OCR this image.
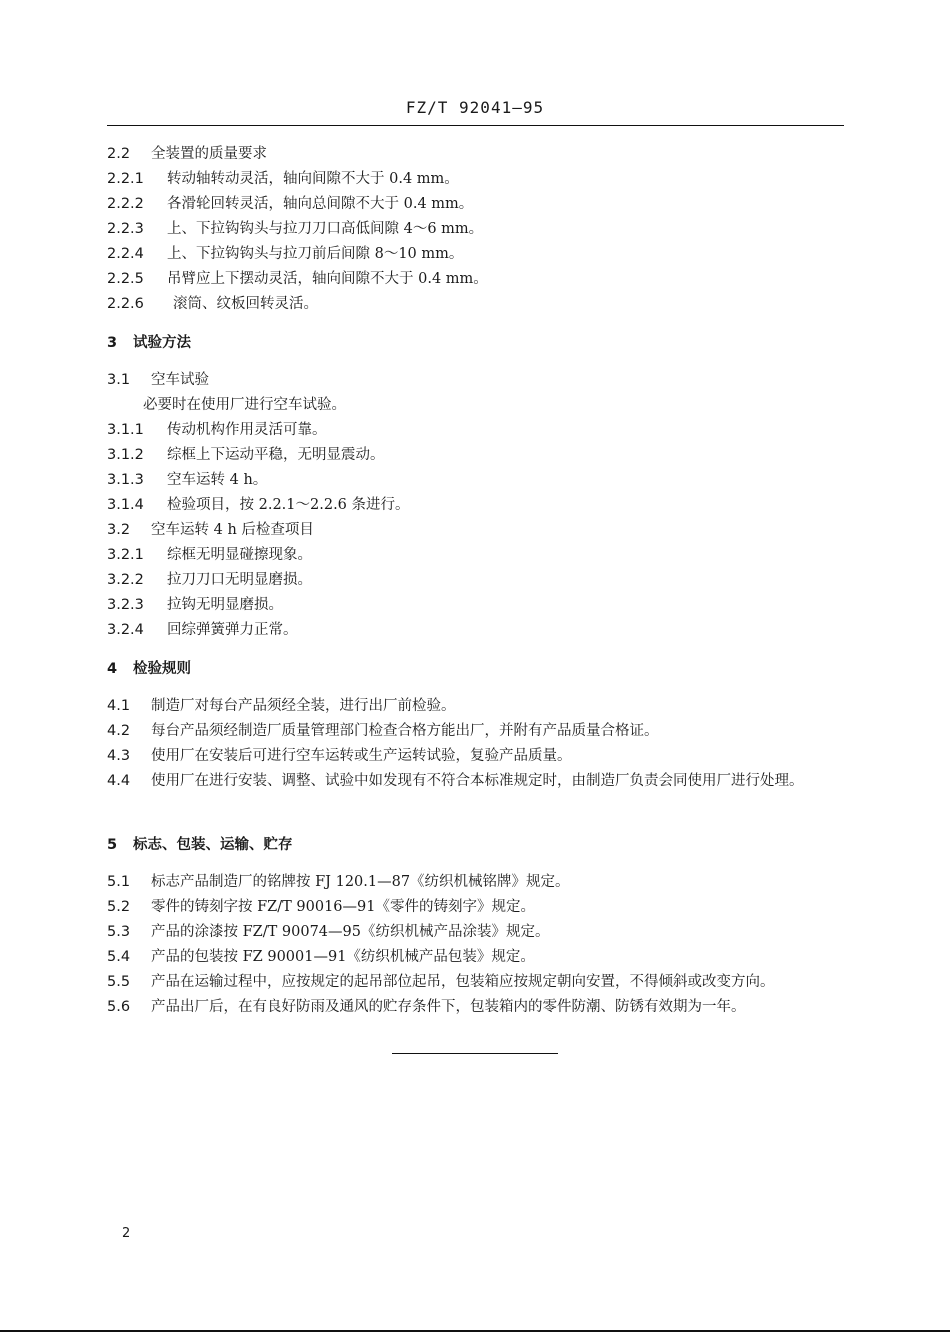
FZ/T 92041—95
2.2 全装置的质量要求
2.2.1 转动轴转动灵活，轴向间隙不大于 0.4 mm。
2.2.2 各滑轮回转灵活，轴向总间隙不大于 0.4 mm。
2.2.3 上、下拉钩钩头与拉刀刀口高低间隙 4～6 mm。
2.2.4 上、下拉钩钩头与拉刀前后间隙 8～10 mm。
2.2.5 吊臂应上下摆动灵活，轴向间隙不大于 0.4 mm。
2.2.6 滚筒、纹板回转灵活。
3 试验方法
3.1 空车试验
必要时在使用厂进行空车试验。
3.1.1 传动机构作用灵活可靠。
3.1.2 综框上下运动平稳，无明显震动。
3.1.3 空车运转 4 h。
3.1.4 检验项目，按 2.2.1～2.2.6 条进行。
3.2 空车运转 4 h 后检查项目
3.2.1 综框无明显碰擦现象。
3.2.2 拉刀刀口无明显磨损。
3.2.3 拉钩无明显磨损。
3.2.4 回综弹簧弹力正常。
4 检验规则
4.1 制造厂对每台产品须经全装，进行出厂前检验。
4.2 每台产品须经制造厂质量管理部门检查合格方能出厂，并附有产品质量合格证。
4.3 使用厂在安装后可进行空车运转或生产运转试验，复验产品质量。
4.4 使用厂在进行安装、调整、试验中如发现有不符合本标准规定时，由制造厂负责会同使用厂进行处理。
5 标志、包装、运输、贮存
5.1 标志产品制造厂的铭牌按 FJ 120.1—87《纺织机械铭牌》规定。
5.2 零件的铸刻字按 FZ/T 90016—91《零件的铸刻字》规定。
5.3 产品的涂漆按 FZ/T 90074—95《纺织机械产品涂装》规定。
5.4 产品的包装按 FZ 90001—91《纺织机械产品包装》规定。
5.5 产品在运输过程中，应按规定的起吊部位起吊，包装箱应按规定朝向安置，不得倾斜或改变方向。
5.6 产品出厂后，在有良好防雨及通风的贮存条件下，包装箱内的零件防潮、防锈有效期为一年。
2
